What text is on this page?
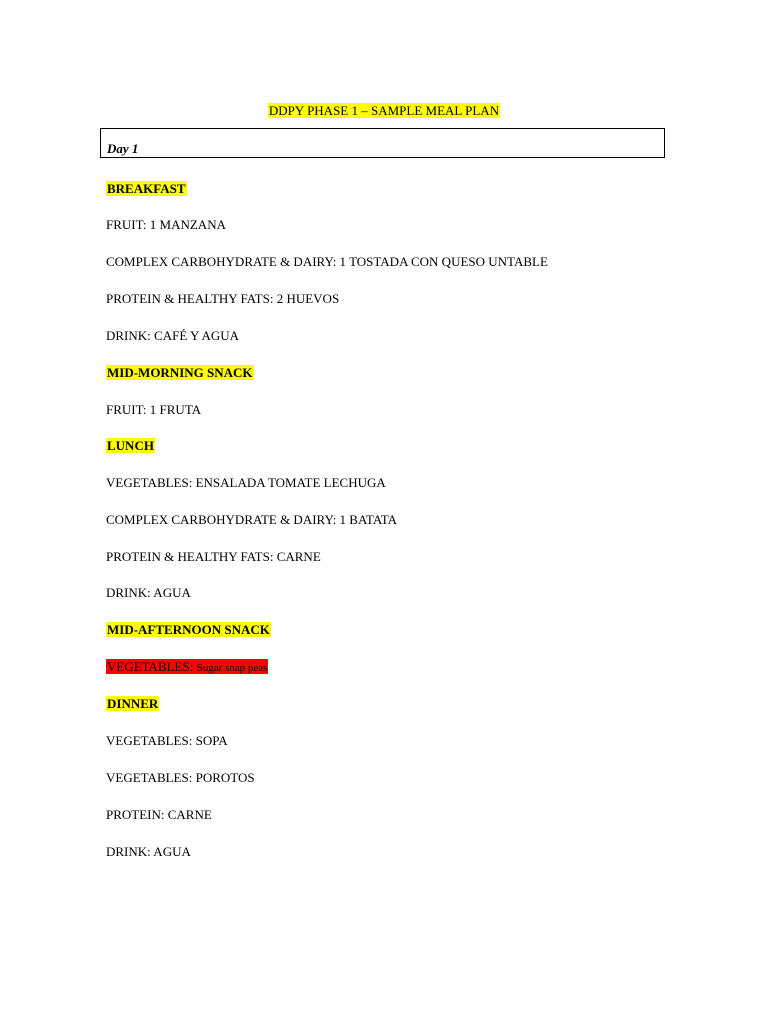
DDPY PHASE 1 – SAMPLE MEAL PLAN
Day 1
BREAKFAST
FRUIT: 1 MANZANA
COMPLEX CARBOHYDRATE & DAIRY: 1 TOSTADA CON QUESO UNTABLE
PROTEIN & HEALTHY FATS: 2 HUEVOS
DRINK: CAFÉ Y AGUA
MID-MORNING SNACK
FRUIT: 1 FRUTA
LUNCH
VEGETABLES: ENSALADA TOMATE LECHUGA
COMPLEX CARBOHYDRATE & DAIRY: 1 BATATA
PROTEIN & HEALTHY FATS: CARNE
DRINK: AGUA
MID-AFTERNOON SNACK
VEGETABLES: Sugar snap peas
DINNER
VEGETABLES: SOPA
VEGETABLES: POROTOS
PROTEIN: CARNE
DRINK: AGUA
